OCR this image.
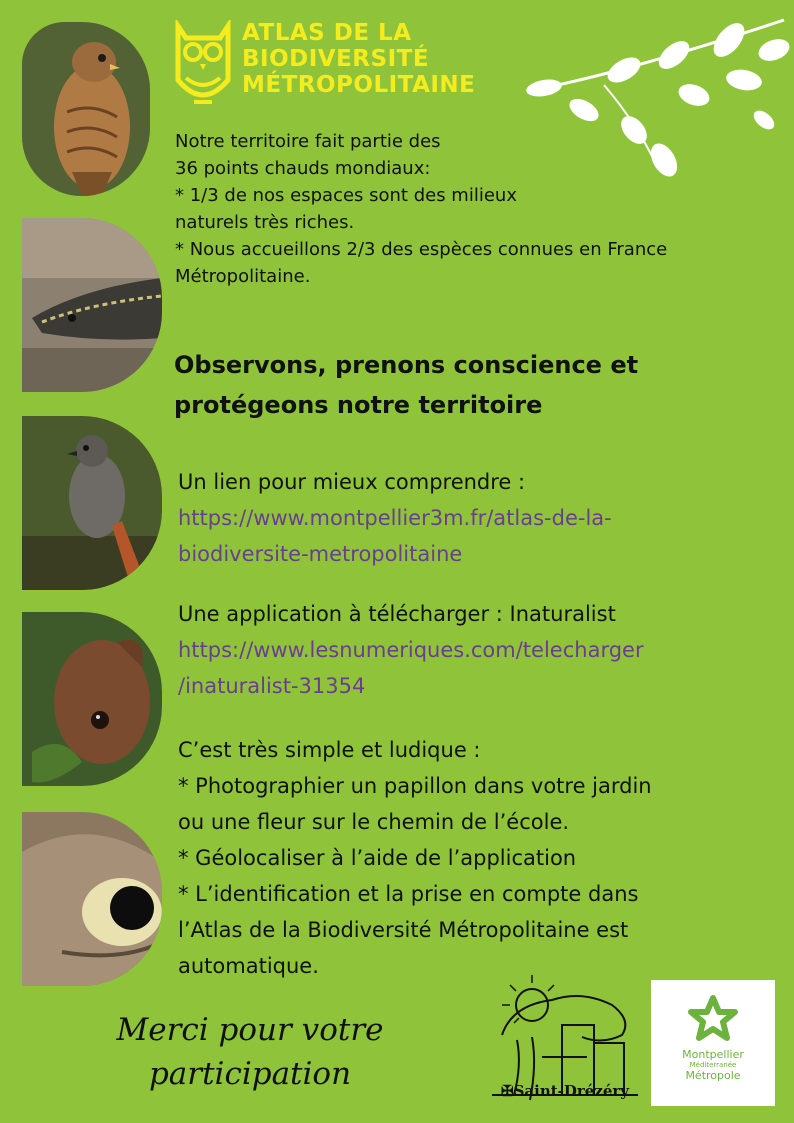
ATLAS DE LA
BIODIVERSITÉ
MÉTROPOLITAINE
Notre territoire fait partie des
36 points chauds mondiaux:
* 1/3 de nos espaces sont des milieux
naturels très riches.
* Nous accueillons 2/3 des espèces connues en France
Métropolitaine.
Observons, prenons conscience et
protégeons notre territoire
Un lien pour mieux comprendre :
https://www.montpellier3m.fr/atlas-de-la-
biodiversite-metropolitaine
Une application à télécharger : Inaturalist
https://www.lesnumeriques.com/telecharger
/inaturalist-31354
C’est très simple et ludique :
* Photographier un papillon dans votre jardin
ou une fleur sur le chemin de l’école.
* Géolocaliser à l’aide de l’application
* L’identification et la prise en compte dans
l’Atlas de la Biodiversité Métropolitaine est
automatique.
Merci pour votre
participation	✠Saint-Drézéry
Montpellier
Méditerranée
Métropole
